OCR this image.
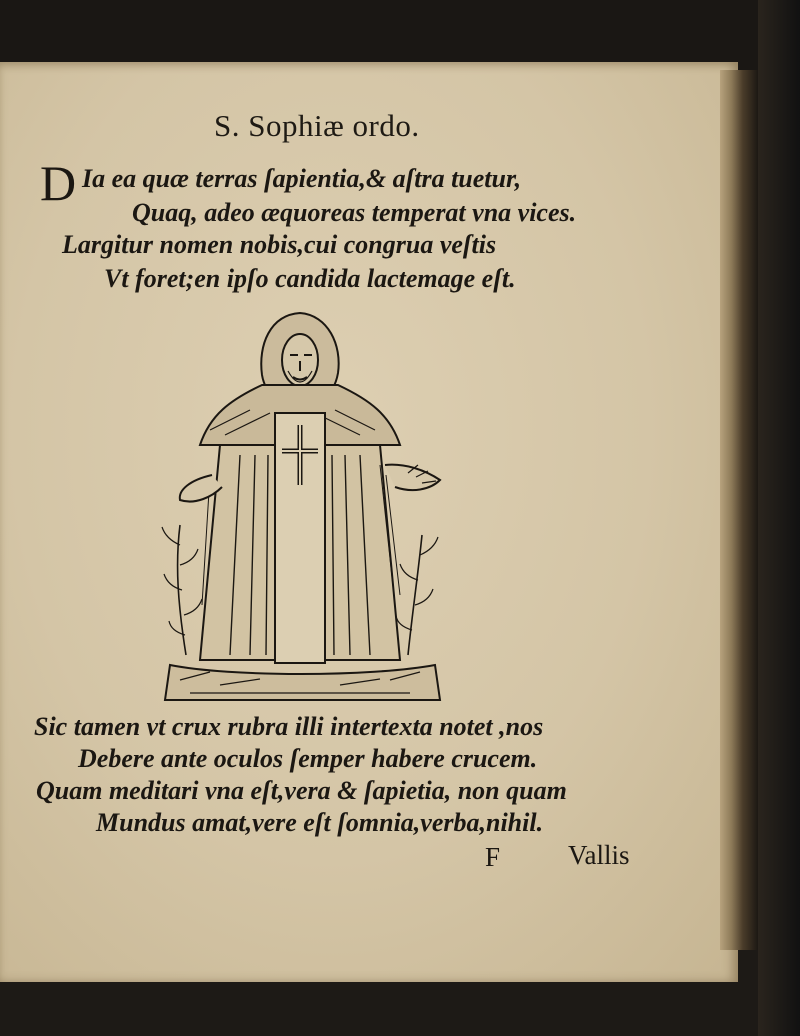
S. Sophiæ ordo.
D Ia ea quæ terras ſapientia,& aſtra tuetur,
Quaq, adeo æquoreas temperat vna vices.
Largitur nomen nobis,cui congrua veſtis
Vt foret;en ipſo candida lactemage eſt.
Sic tamen vt crux rubra illi intertexta notet ,nos
Debere ante oculos ſemper habere crucem.
Quam meditari vna eſt,vera & ſapietia, non quam
Mundus amat,vere eſt ſomnia,verba,nihil.
F	Vallis
